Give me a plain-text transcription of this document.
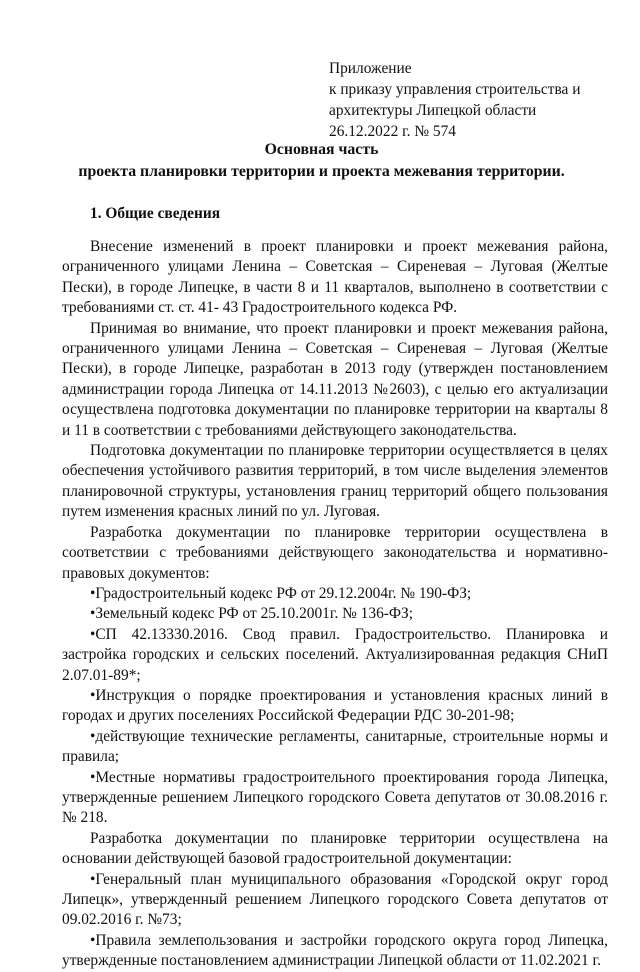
Приложение
к приказу управления строительства и
архитектуры Липецкой области
26.12.2022 г. № 574
Основная часть
проекта планировки территории и проекта межевания территории.
1. Общие сведения

Внесение изменений в проект планировки и проект межевания района, ограниченного улицами Ленина – Советская – Сиреневая – Луговая (Желтые Пески), в городе Липецке, в части 8 и 11 кварталов, выполнено в соответствии с требованиями ст. ст. 41- 43 Градостроительного кодекса РФ.

Принимая во внимание, что проект планировки и проект межевания района, ограниченного улицами Ленина – Советская – Сиреневая – Луговая (Желтые Пески), в городе Липецке, разработан в 2013 году (утвержден постановлением администрации города Липецка от 14.11.2013 №2603), с целью его актуализации осуществлена подготовка документации по планировке территории на кварталы 8 и 11 в соответствии с требованиями действующего законодательства.

Подготовка документации по планировке территории осуществляется в целях обеспечения устойчивого развития территорий, в том числе выделения элементов планировочной структуры, установления границ территорий общего пользования путем изменения красных линий по ул. Луговая.

Разработка документации по планировке территории осуществлена в соответствии с требованиями действующего законодательства и нормативно-правовых документов:

• Градостроительный кодекс РФ от 29.12.2004г. № 190-ФЗ;

• Земельный кодекс РФ от 25.10.2001г. № 136-ФЗ;

• СП 42.13330.2016. Свод правил. Градостроительство. Планировка и застройка городских и сельских поселений. Актуализированная редакция СНиП 2.07.01-89*;

• Инструкция о порядке проектирования и установления красных линий в городах и других поселениях Российской Федерации РДС 30-201-98;

• действующие технические регламенты, санитарные, строительные нормы и правила;

• Местные нормативы градостроительного проектирования города Липецка, утвержденные решением Липецкого городского Совета депутатов от 30.08.2016 г. № 218.

Разработка документации по планировке территории осуществлена на основании действующей базовой градостроительной документации:

• Генеральный план муниципального образования «Городской округ город Липецк», утвержденный решением Липецкого городского Совета депутатов от 09.02.2016 г. №73;

• Правила землепользования и застройки городского округа город Липецка, утвержденные постановлением администрации Липецкой области от 11.02.2021 г.
